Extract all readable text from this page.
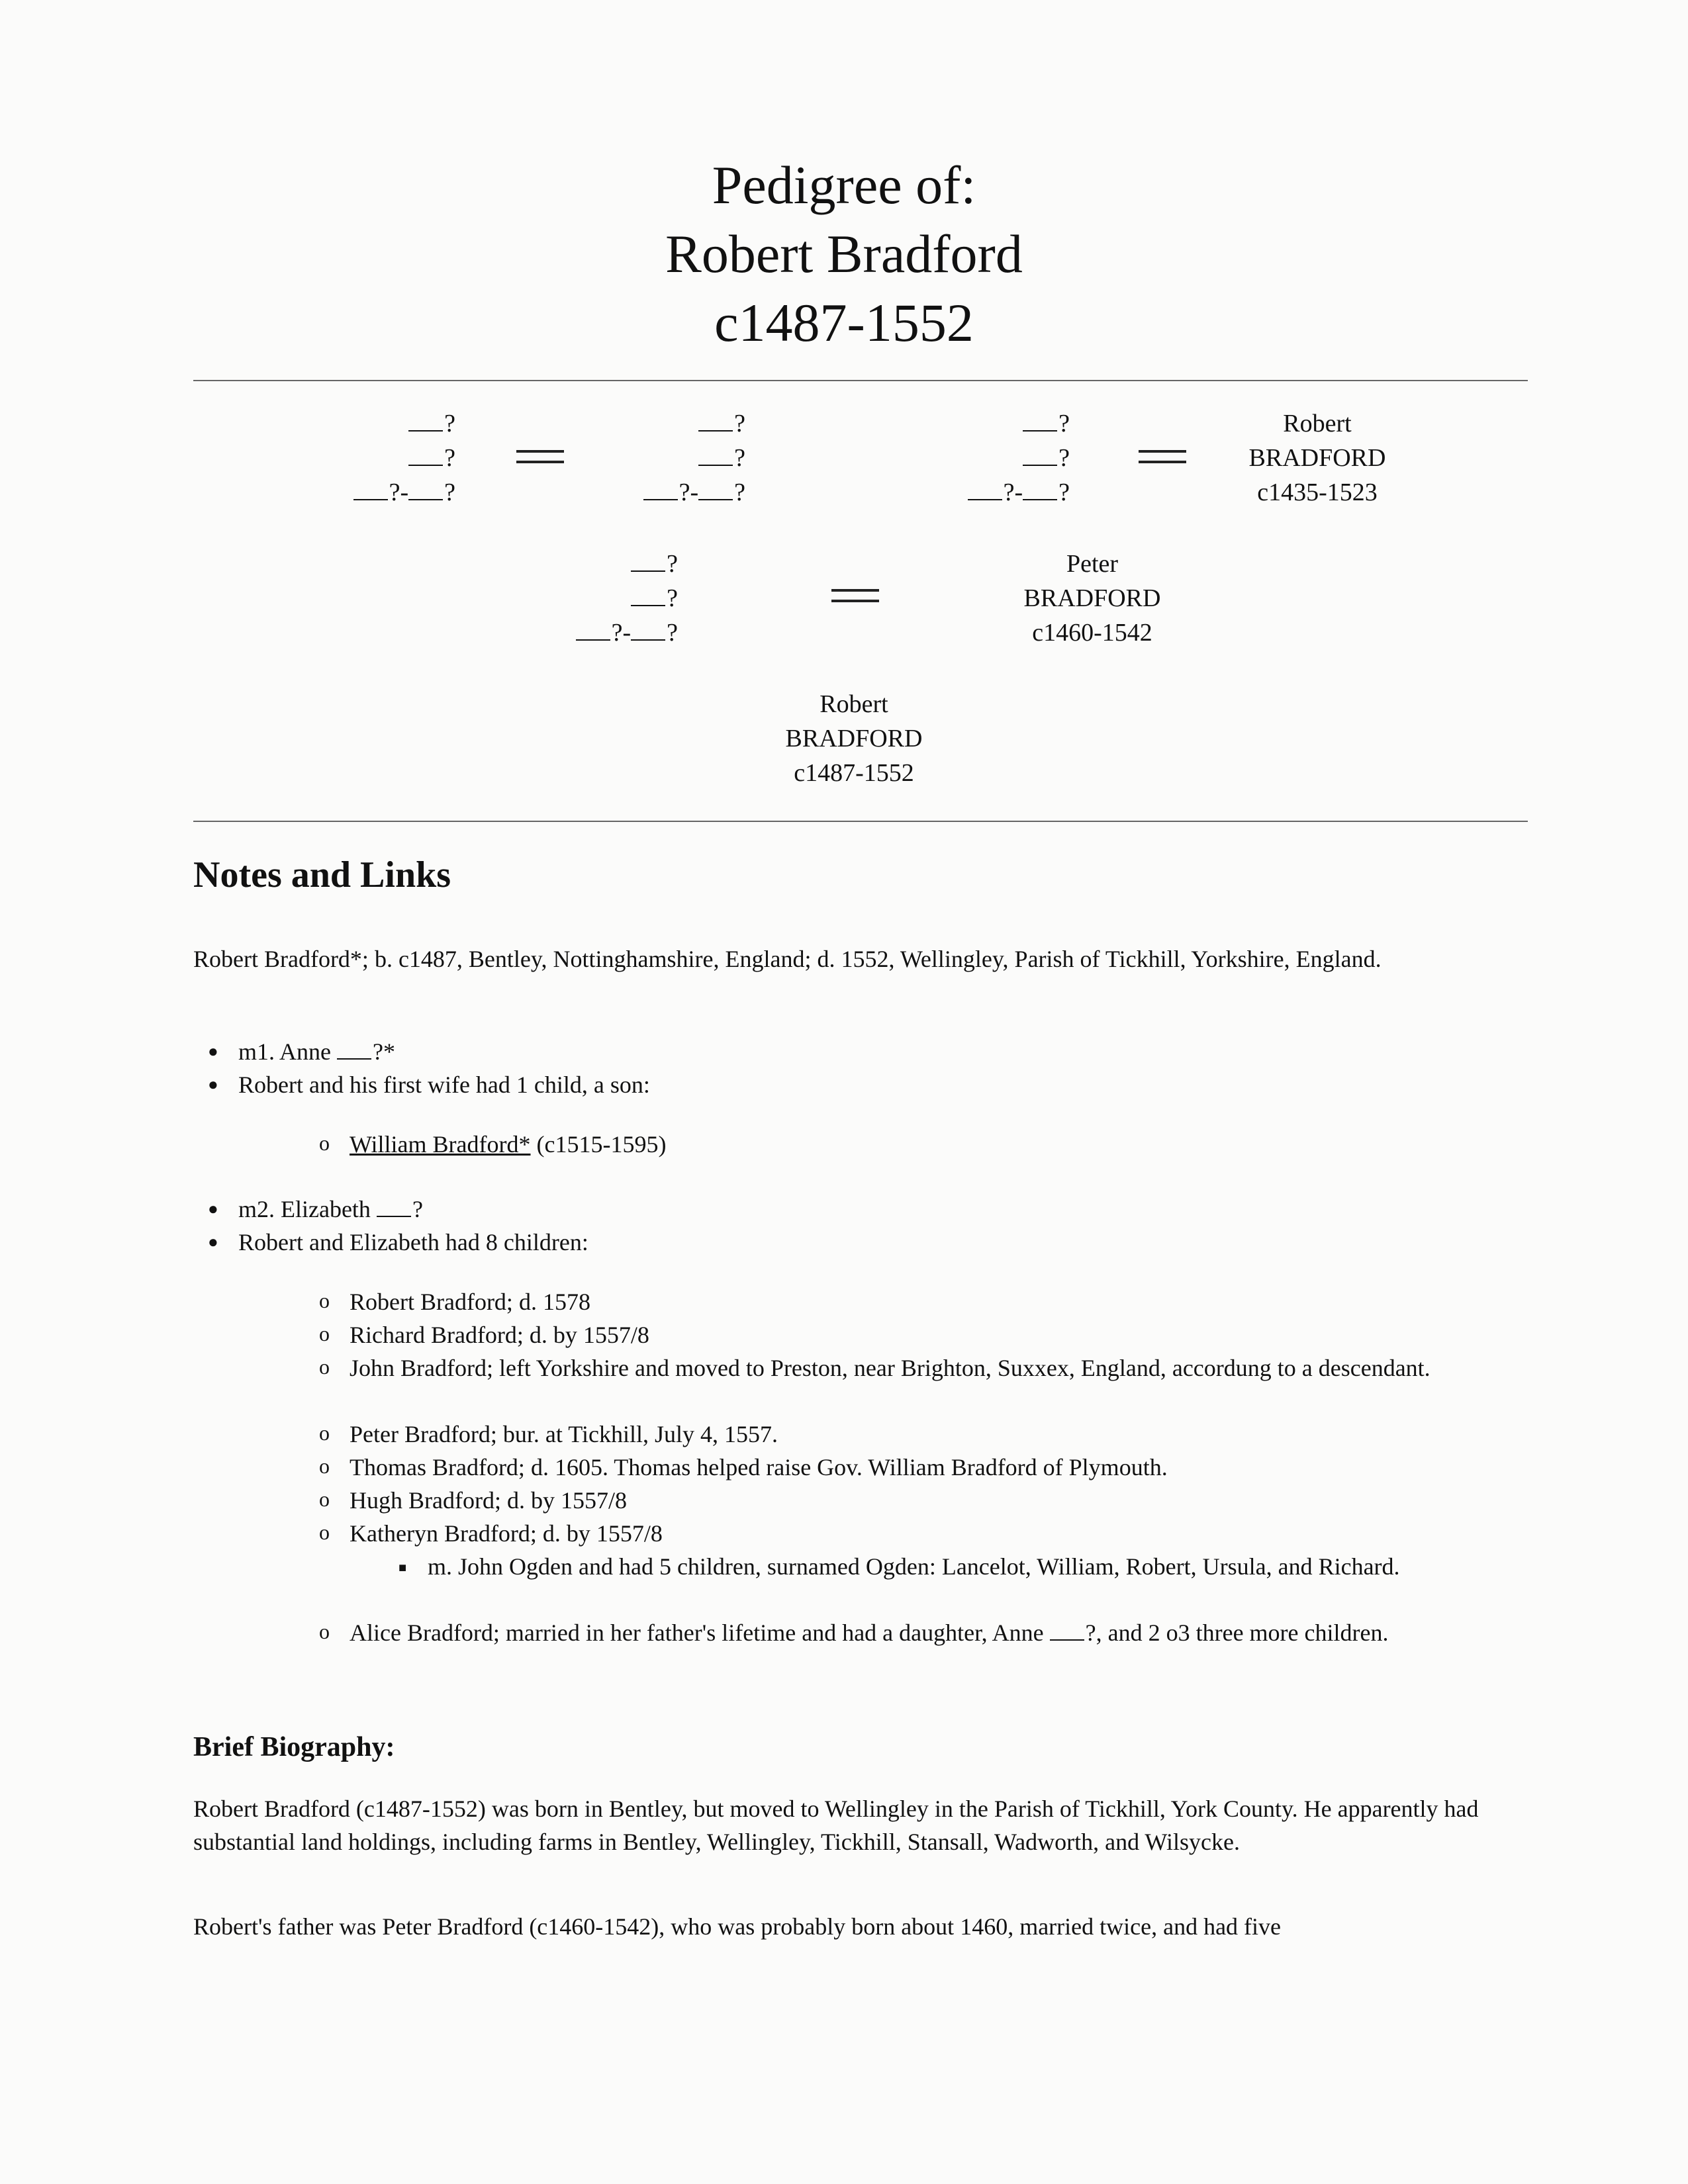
Pedigree of:
Robert Bradford
c1487-1552
?
?
?- ?
?
?
?- ?
?
?
?- ?
Robert
BRADFORD
c1435-1523
?
?
?- ?
Peter
BRADFORD
c1460-1542
Robert
BRADFORD
c1487-1552
Notes and Links
Robert Bradford*; b. c1487, Bentley, Nottinghamshire, England; d. 1552, Wellingley, Parish of Tickhill, Yorkshire, England.
● m1. Anne ?*
● Robert and his first wife had 1 child, a son:
o William Bradford* (c1515-1595)
● m2. Elizabeth ?
● Robert and Elizabeth had 8 children:
o Robert Bradford; d. 1578
o Richard Bradford; d. by 1557/8
o John Bradford; left Yorkshire and moved to Preston, near Brighton, Suxxex, England, accordung to a descendant.
o Peter Bradford; bur. at Tickhill, July 4, 1557.
o Thomas Bradford; d. 1605. Thomas helped raise Gov. William Bradford of Plymouth.
o Hugh Bradford; d. by 1557/8
o Katheryn Bradford; d. by 1557/8
■ m. John Ogden and had 5 children, surnamed Ogden: Lancelot, William, Robert, Ursula, and Richard.
o Alice Bradford; married in her father's lifetime and had a daughter, Anne ?, and 2 o3 three more children.
Brief Biography:
Robert Bradford (c1487-1552) was born in Bentley, but moved to Wellingley in the Parish of Tickhill, York County. He apparently had substantial land holdings, including farms in Bentley, Wellingley, Tickhill, Stansall, Wadworth, and Wilsycke.
Robert's father was Peter Bradford (c1460-1542), who was probably born about 1460, married twice, and had five
